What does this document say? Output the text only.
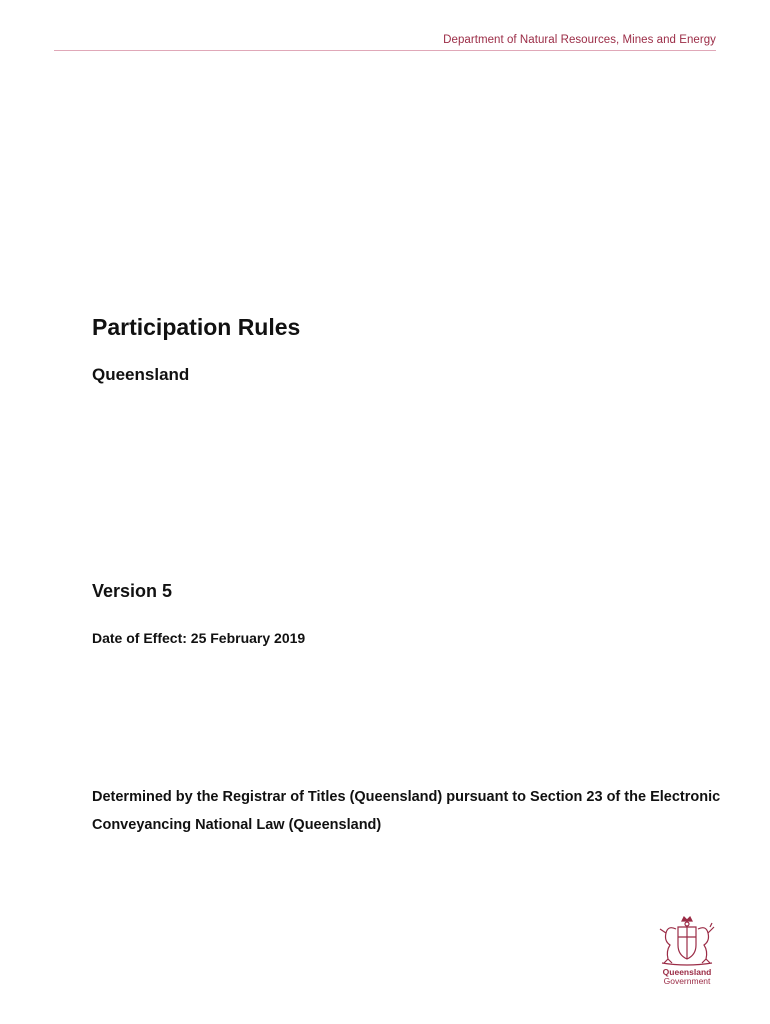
Department of Natural Resources, Mines and Energy
Participation Rules
Queensland
Version 5

Date of Effect: 25 February 2019

Determined by the Registrar of Titles (Queensland) pursuant to Section 23 of the Electronic Conveyancing National Law (Queensland)

Queensland
Government
